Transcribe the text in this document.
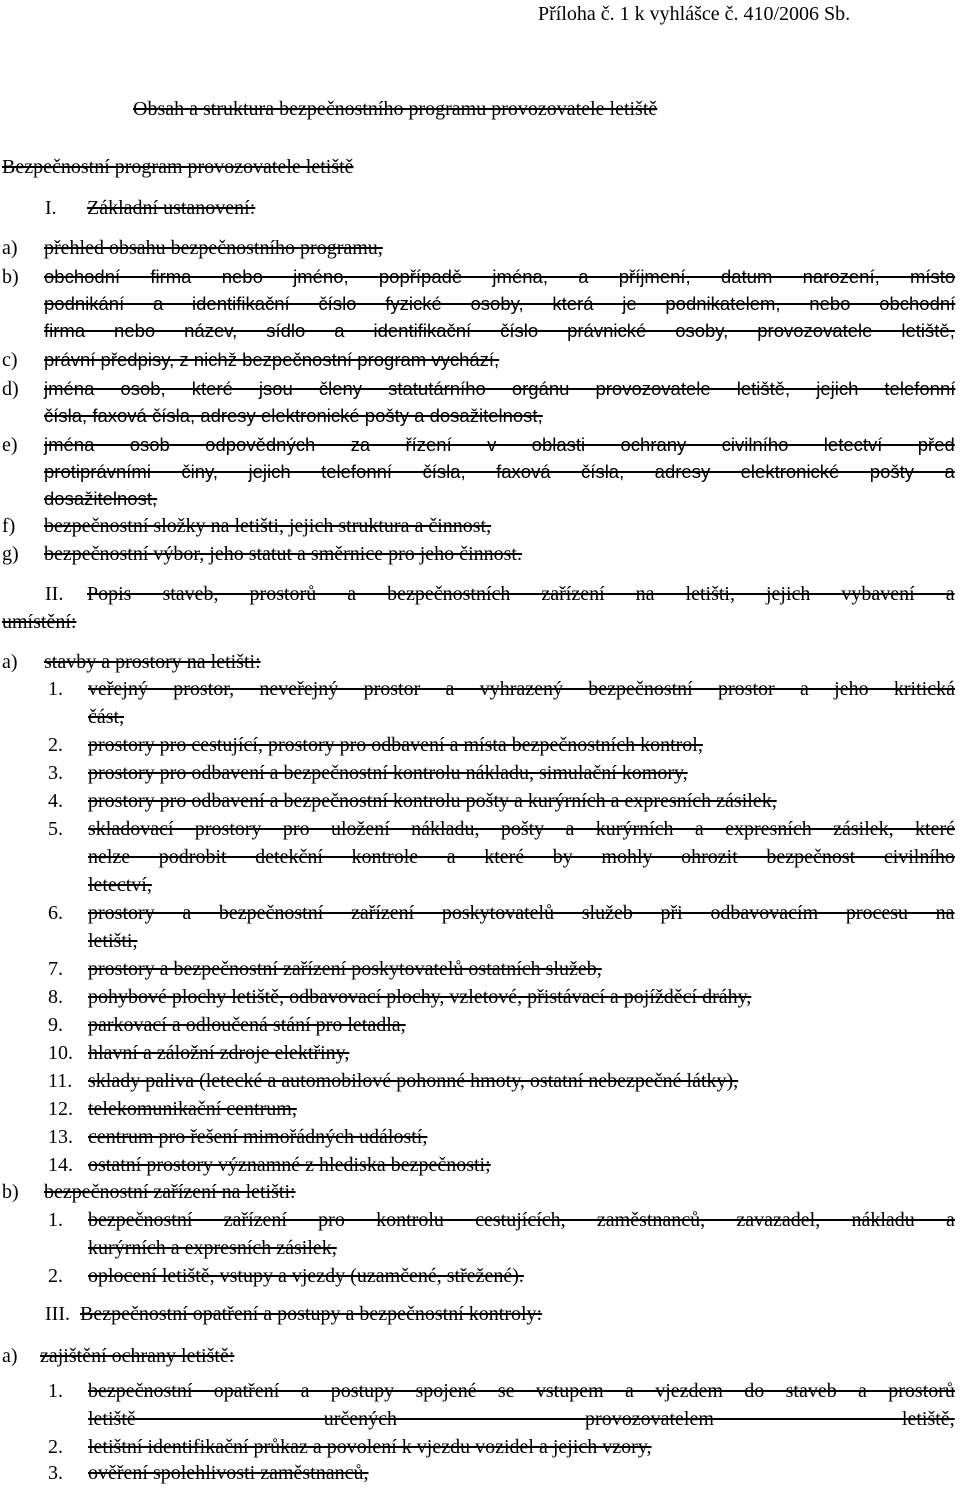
Příloha č. 1 k vyhlášce č. 410/2006 Sb.
Obsah a struktura bezpečnostního programu provozovatele letiště
Bezpečnostní program provozovatele letiště
I. Základní ustanovení:
a) přehled obsahu bezpečnostního programu,
b) obchodní firma nebo jméno, popřípadě jména, a příjmení, datum narození, místo
podnikání a identifikační číslo fyzické osoby, která je podnikatelem, nebo obchodní
firma nebo název, sídlo a identifikační číslo právnické osoby, provozovatele letiště,
c) právní předpisy, z nichž bezpečnostní program vychází,
d) jména osob, které jsou členy statutárního orgánu provozovatele letiště, jejich telefonní
čísla, faxová čísla, adresy elektronické pošty a dosažitelnost,
e) jména osob odpovědných za řízení v oblasti ochrany civilního letectví před
protiprávními činy, jejich telefonní čísla, faxová čísla, adresy elektronické pošty a
dosažitelnost,
f) bezpečnostní složky na letišti, jejich struktura a činnost,
g) bezpečnostní výbor, jeho statut a směrnice pro jeho činnost.
II. Popis staveb, prostorů a bezpečnostních zařízení na letišti, jejich vybavení a
umístění:
a) stavby a prostory na letišti:
1. veřejný prostor, neveřejný prostor a vyhrazený bezpečnostní prostor a jeho kritická
část,
2. prostory pro cestující, prostory pro odbavení a místa bezpečnostních kontrol,
3. prostory pro odbavení a bezpečnostní kontrolu nákladu, simulační komory,
4. prostory pro odbavení a bezpečnostní kontrolu pošty a kurýrních a expresních zásilek,
5. skladovací prostory pro uložení nákladu, pošty a kurýrních a expresních zásilek, které
nelze podrobit detekční kontrole a které by mohly ohrozit bezpečnost civilního
letectví,
6. prostory a bezpečnostní zařízení poskytovatelů služeb při odbavovacím procesu na
letišti,
7. prostory a bezpečnostní zařízení poskytovatelů ostatních služeb,
8. pohybové plochy letiště, odbavovací plochy, vzletové, přistávací a pojížděcí dráhy,
9. parkovací a odloučená stání pro letadla,
10. hlavní a záložní zdroje elektřiny,
11. sklady paliva (letecké a automobilové pohonné hmoty, ostatní nebezpečné látky),
12. telekomunikační centrum,
13. centrum pro řešení mimořádných událostí,
14. ostatní prostory významné z hlediska bezpečnosti;
b) bezpečnostní zařízení na letišti:
1. bezpečnostní zařízení pro kontrolu cestujících, zaměstnanců, zavazadel, nákladu a
kurýrních a expresních zásilek,
2. oplocení letiště, vstupy a vjezdy (uzamčené, střežené).
III. Bezpečnostní opatření a postupy a bezpečnostní kontroly:
a) zajištění ochrany letiště:
1. bezpečnostní opatření a postupy spojené se vstupem a vjezdem do staveb a prostorů
letiště určených provozovatelem letiště,
2. letištní identifikační průkaz a povolení k vjezdu vozidel a jejich vzory,
3. ověření spolehlivosti zaměstnanců,
